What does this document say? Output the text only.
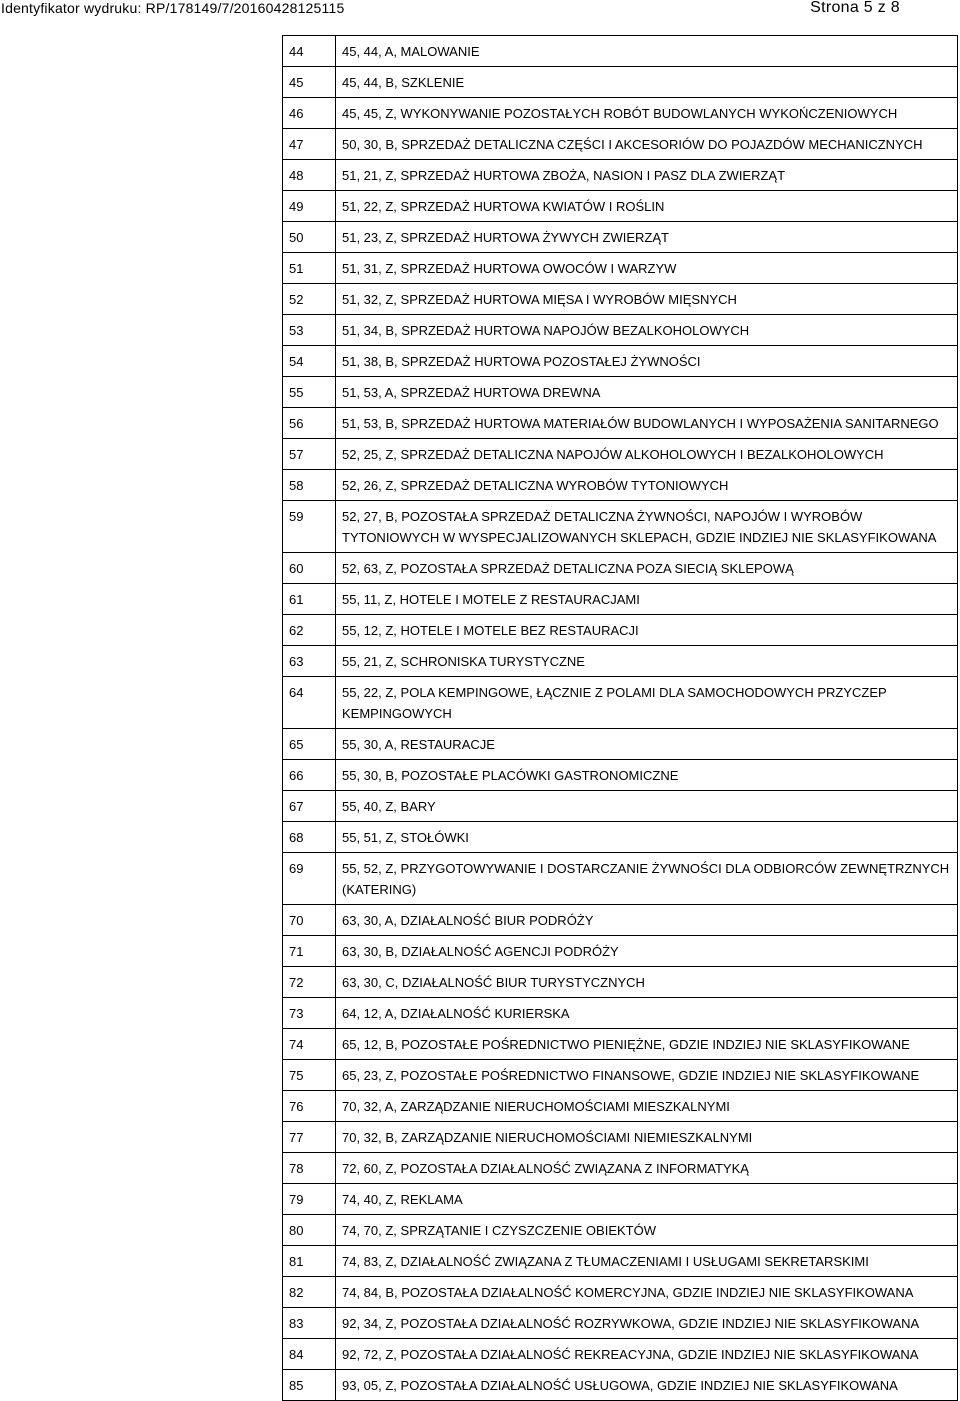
Identyfikator wydruku: RP/178149/7/20160428125115	Strona 5 z 8
44	45, 44, A, MALOWANIE
45	45, 44, B, SZKLENIE
46	45, 45, Z, WYKONYWANIE POZOSTAŁYCH ROBÓT BUDOWLANYCH WYKOŃCZENIOWYCH
47	50, 30, B, SPRZEDAŻ DETALICZNA CZĘŚCI I AKCESORIÓW DO POJAZDÓW MECHANICZNYCH
48	51, 21, Z, SPRZEDAŻ HURTOWA ZBOŻA, NASION I PASZ DLA ZWIERZĄT
49	51, 22, Z, SPRZEDAŻ HURTOWA KWIATÓW I ROŚLIN
50	51, 23, Z, SPRZEDAŻ HURTOWA ŻYWYCH ZWIERZĄT
51	51, 31, Z, SPRZEDAŻ HURTOWA OWOCÓW I WARZYW
52	51, 32, Z, SPRZEDAŻ HURTOWA MIĘSA I WYROBÓW MIĘSNYCH
53	51, 34, B, SPRZEDAŻ HURTOWA NAPOJÓW BEZALKOHOLOWYCH
54	51, 38, B, SPRZEDAŻ HURTOWA POZOSTAŁEJ ŻYWNOŚCI
55	51, 53, A, SPRZEDAŻ HURTOWA DREWNA
56	51, 53, B, SPRZEDAŻ HURTOWA MATERIAŁÓW BUDOWLANYCH I WYPOSAŻENIA SANITARNEGO
57	52, 25, Z, SPRZEDAŻ DETALICZNA NAPOJÓW ALKOHOLOWYCH I BEZALKOHOLOWYCH
58	52, 26, Z, SPRZEDAŻ DETALICZNA WYROBÓW TYTONIOWYCH
59	52, 27, B, POZOSTAŁA SPRZEDAŻ DETALICZNA ŻYWNOŚCI, NAPOJÓW I WYROBÓW TYTONIOWYCH W WYSPECJALIZOWANYCH SKLEPACH, GDZIE INDZIEJ NIE SKLASYFIKOWANA
60	52, 63, Z, POZOSTAŁA SPRZEDAŻ DETALICZNA POZA SIECIĄ SKLEPOWĄ
61	55, 11, Z, HOTELE I MOTELE Z RESTAURACJAMI
62	55, 12, Z, HOTELE I MOTELE BEZ RESTAURACJI
63	55, 21, Z, SCHRONISKA TURYSTYCZNE
64	55, 22, Z, POLA KEMPINGOWE, ŁĄCZNIE Z POLAMI DLA SAMOCHODOWYCH PRZYCZEP KEMPINGOWYCH
65	55, 30, A, RESTAURACJE
66	55, 30, B, POZOSTAŁE PLACÓWKI GASTRONOMICZNE
67	55, 40, Z, BARY
68	55, 51, Z, STOŁÓWKI
69	55, 52, Z, PRZYGOTOWYWANIE I DOSTARCZANIE ŻYWNOŚCI DLA ODBIORCÓW ZEWNĘTRZNYCH (KATERING)
70	63, 30, A, DZIAŁALNOŚĆ BIUR PODRÓŻY
71	63, 30, B, DZIAŁALNOŚĆ AGENCJI PODRÓŻY
72	63, 30, C, DZIAŁALNOŚĆ BIUR TURYSTYCZNYCH
73	64, 12, A, DZIAŁALNOŚĆ KURIERSKA
74	65, 12, B, POZOSTAŁE POŚREDNICTWO PIENIĘŻNE, GDZIE INDZIEJ NIE SKLASYFIKOWANE
75	65, 23, Z, POZOSTAŁE POŚREDNICTWO FINANSOWE, GDZIE INDZIEJ NIE SKLASYFIKOWANE
76	70, 32, A, ZARZĄDZANIE NIERUCHOMOŚCIAMI MIESZKALNYMI
77	70, 32, B, ZARZĄDZANIE NIERUCHOMOŚCIAMI NIEMIESZKALNYMI
78	72, 60, Z, POZOSTAŁA DZIAŁALNOŚĆ ZWIĄZANA Z INFORMATYKĄ
79	74, 40, Z, REKLAMA
80	74, 70, Z, SPRZĄTANIE I CZYSZCZENIE OBIEKTÓW
81	74, 83, Z, DZIAŁALNOŚĆ ZWIĄZANA Z TŁUMACZENIAMI I USŁUGAMI SEKRETARSKIMI
82	74, 84, B, POZOSTAŁA DZIAŁALNOŚĆ KOMERCYJNA, GDZIE INDZIEJ NIE SKLASYFIKOWANA
83	92, 34, Z, POZOSTAŁA DZIAŁALNOŚĆ ROZRYWKOWA, GDZIE INDZIEJ NIE SKLASYFIKOWANA
84	92, 72, Z, POZOSTAŁA DZIAŁALNOŚĆ REKREACYJNA, GDZIE INDZIEJ NIE SKLASYFIKOWANA
85	93, 05, Z, POZOSTAŁA DZIAŁALNOŚĆ USŁUGOWA, GDZIE INDZIEJ NIE SKLASYFIKOWANA
